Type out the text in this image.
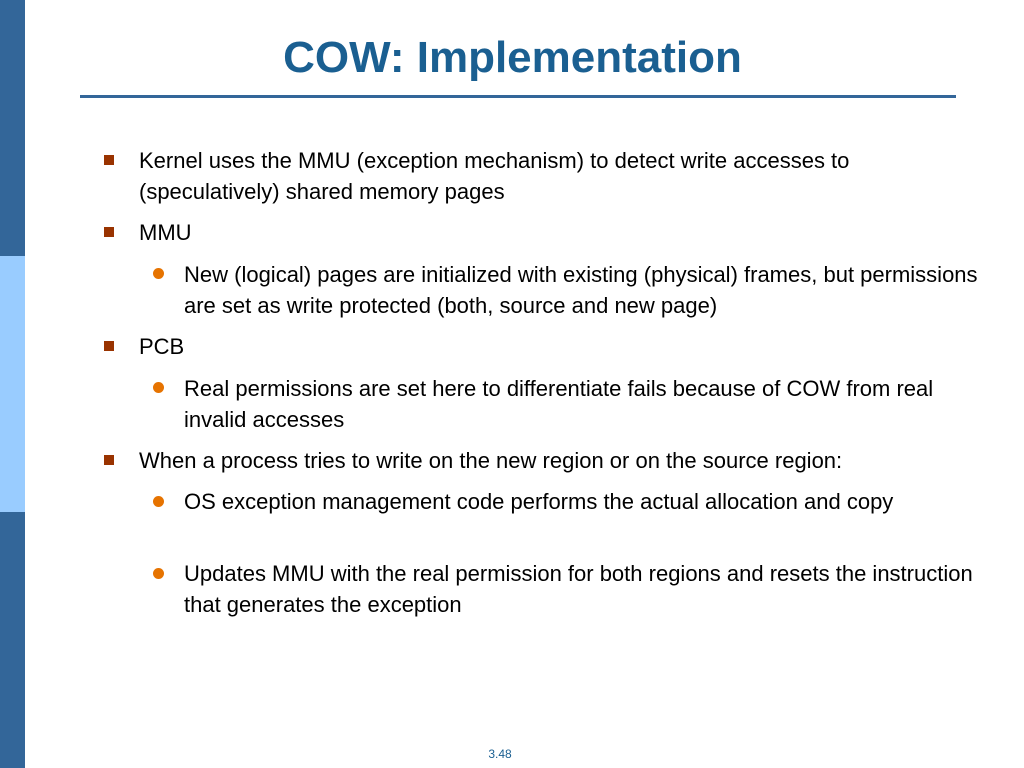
COW: Implementation
Kernel uses the MMU (exception mechanism) to detect write accesses to (speculatively) shared memory pages
MMU
New (logical) pages are initialized with existing (physical) frames, but permissions are set as write protected (both, source and new page)
PCB
Real permissions are set here to differentiate fails because of COW from real invalid accesses
When a process tries to write on the new region or on the source region:
OS exception management code performs the actual allocation and copy
Updates MMU with the real permission for both regions and resets the instruction that generates the exception
3.48
